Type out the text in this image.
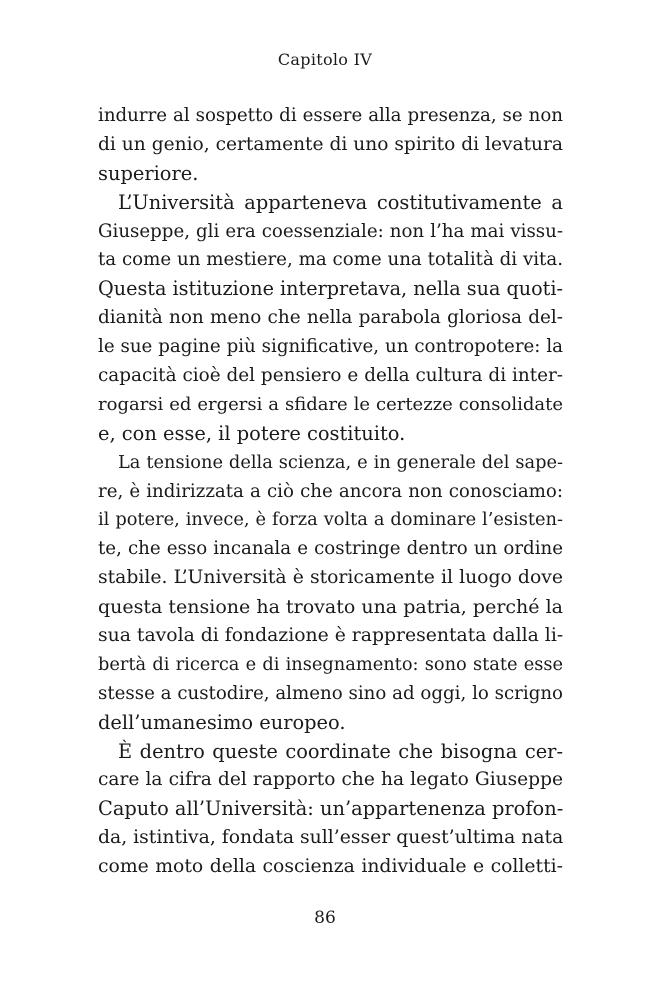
Capitolo IV
indurre al sospetto di essere alla presenza, se non
di un genio, certamente di uno spirito di levatura
superiore.
L’Università apparteneva costitutivamente a
Giuseppe, gli era coessenziale: non l’ha mai vissu-
ta come un mestiere, ma come una totalità di vita.
Questa istituzione interpretava, nella sua quoti-
dianità non meno che nella parabola gloriosa del-
le sue pagine più significative, un contropotere: la
capacità cioè del pensiero e della cultura di inter-
rogarsi ed ergersi a sfidare le certezze consolidate
e, con esse, il potere costituito.
La tensione della scienza, e in generale del sape-
re, è indirizzata a ciò che ancora non conosciamo:
il potere, invece, è forza volta a dominare l’esisten-
te, che esso incanala e costringe dentro un ordine
stabile. L’Università è storicamente il luogo dove
questa tensione ha trovato una patria, perché la
sua tavola di fondazione è rappresentata dalla li-
bertà di ricerca e di insegnamento: sono state esse
stesse a custodire, almeno sino ad oggi, lo scrigno
dell’umanesimo europeo.
È dentro queste coordinate che bisogna cer-
care la cifra del rapporto che ha legato Giuseppe
Caputo all’Università: un’appartenenza profon-
da, istintiva, fondata sull’esser quest’ultima nata
come moto della coscienza individuale e colletti-
86
